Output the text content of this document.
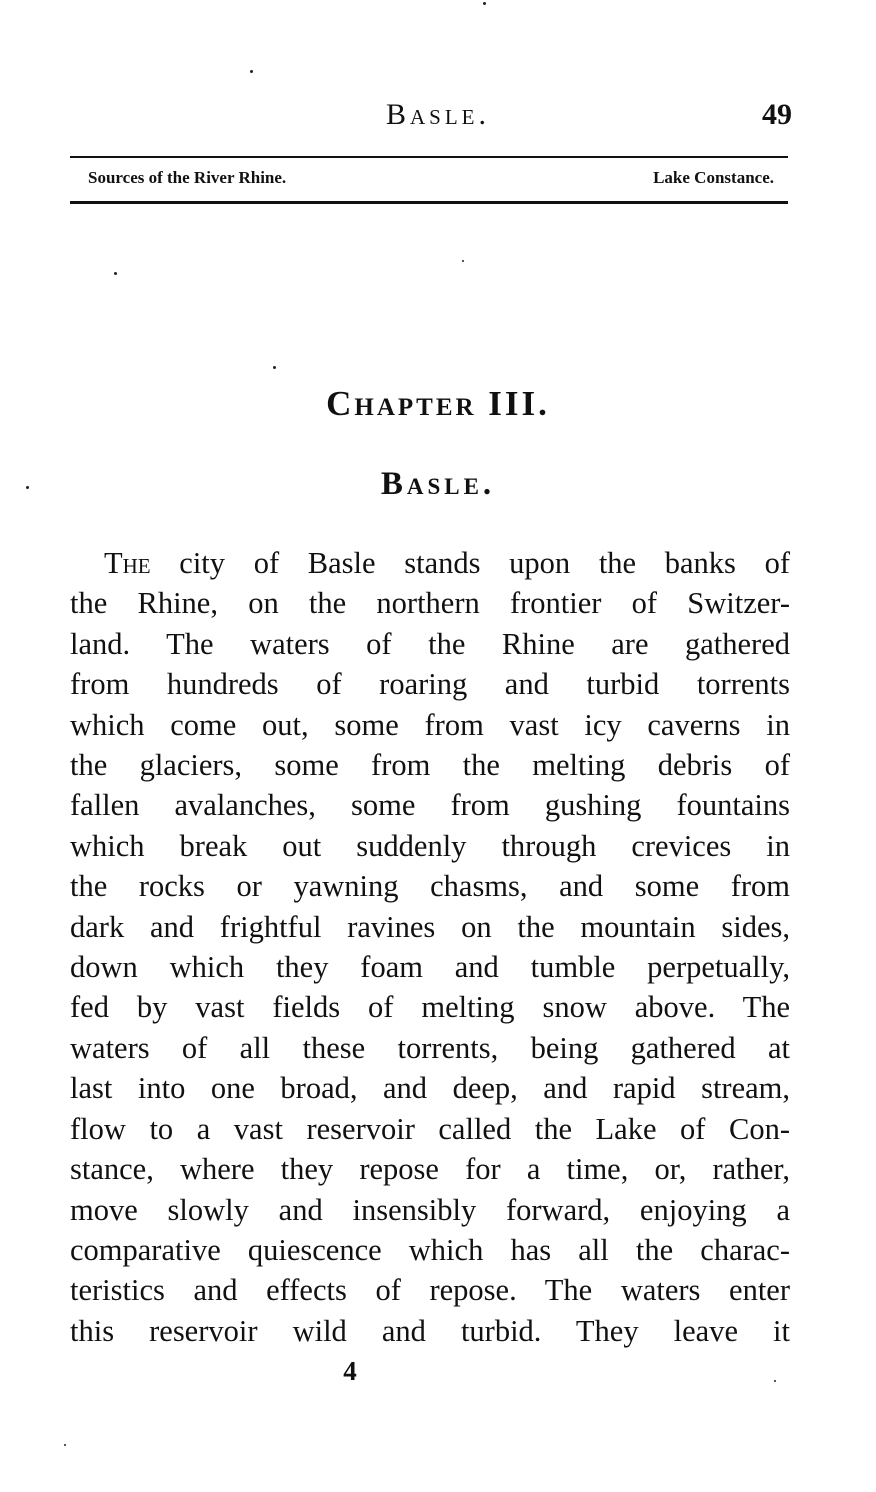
Basle.	49
Sources of the River Rhine.	Lake Constance.
Chapter III.
Basle.
The city of Basle stands upon the banks of
the Rhine, on the northern frontier of Switzer-
land. The waters of the Rhine are gathered
from hundreds of roaring and turbid torrents
which come out, some from vast icy caverns in
the glaciers, some from the melting debris of
fallen avalanches, some from gushing fountains
which break out suddenly through crevices in
the rocks or yawning chasms, and some from
dark and frightful ravines on the mountain sides,
down which they foam and tumble perpetually,
fed by vast fields of melting snow above. The
waters of all these torrents, being gathered at
last into one broad, and deep, and rapid stream,
flow to a vast reservoir called the Lake of Con-
stance, where they repose for a time, or, rather,
move slowly and insensibly forward, enjoying a
comparative quiescence which has all the charac-
teristics and effects of repose. The waters enter
this reservoir wild and turbid. They leave it
4
